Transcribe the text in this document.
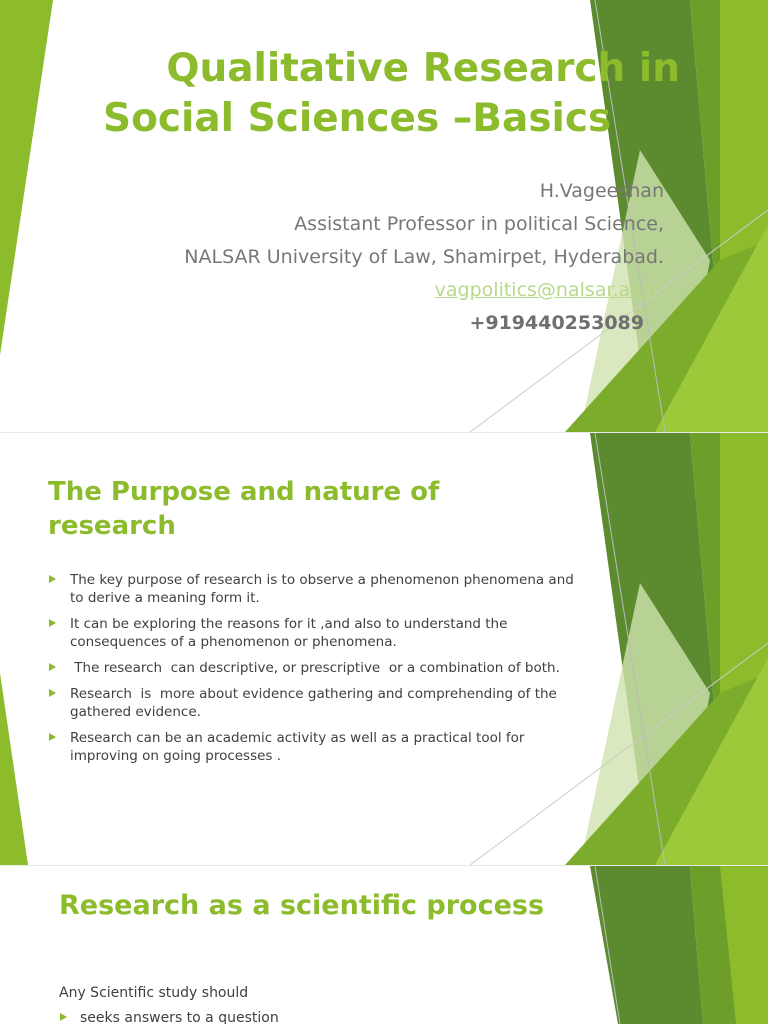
Qualitative Research in
Social Sciences –Basics
H.Vageeshan
Assistant Professor in political Science,
NALSAR University of Law, Shamirpet, Hyderabad.
vagpolitics@nalsar.ac.in
+919440253089
The Purpose and nature of research
The key purpose of research is to observe a phenomenon phenomena and to derive a meaning form it.
It can be exploring the reasons for it ,and also to understand the consequences of a phenomenon or phenomena.
The research  can descriptive, or prescriptive  or a combination of both.
Research  is  more about evidence gathering and comprehending of the gathered evidence.
Research can be an academic activity as well as a practical tool for improving on going processes .
Research as a scientific process
Any Scientific study should
seeks answers to a question
